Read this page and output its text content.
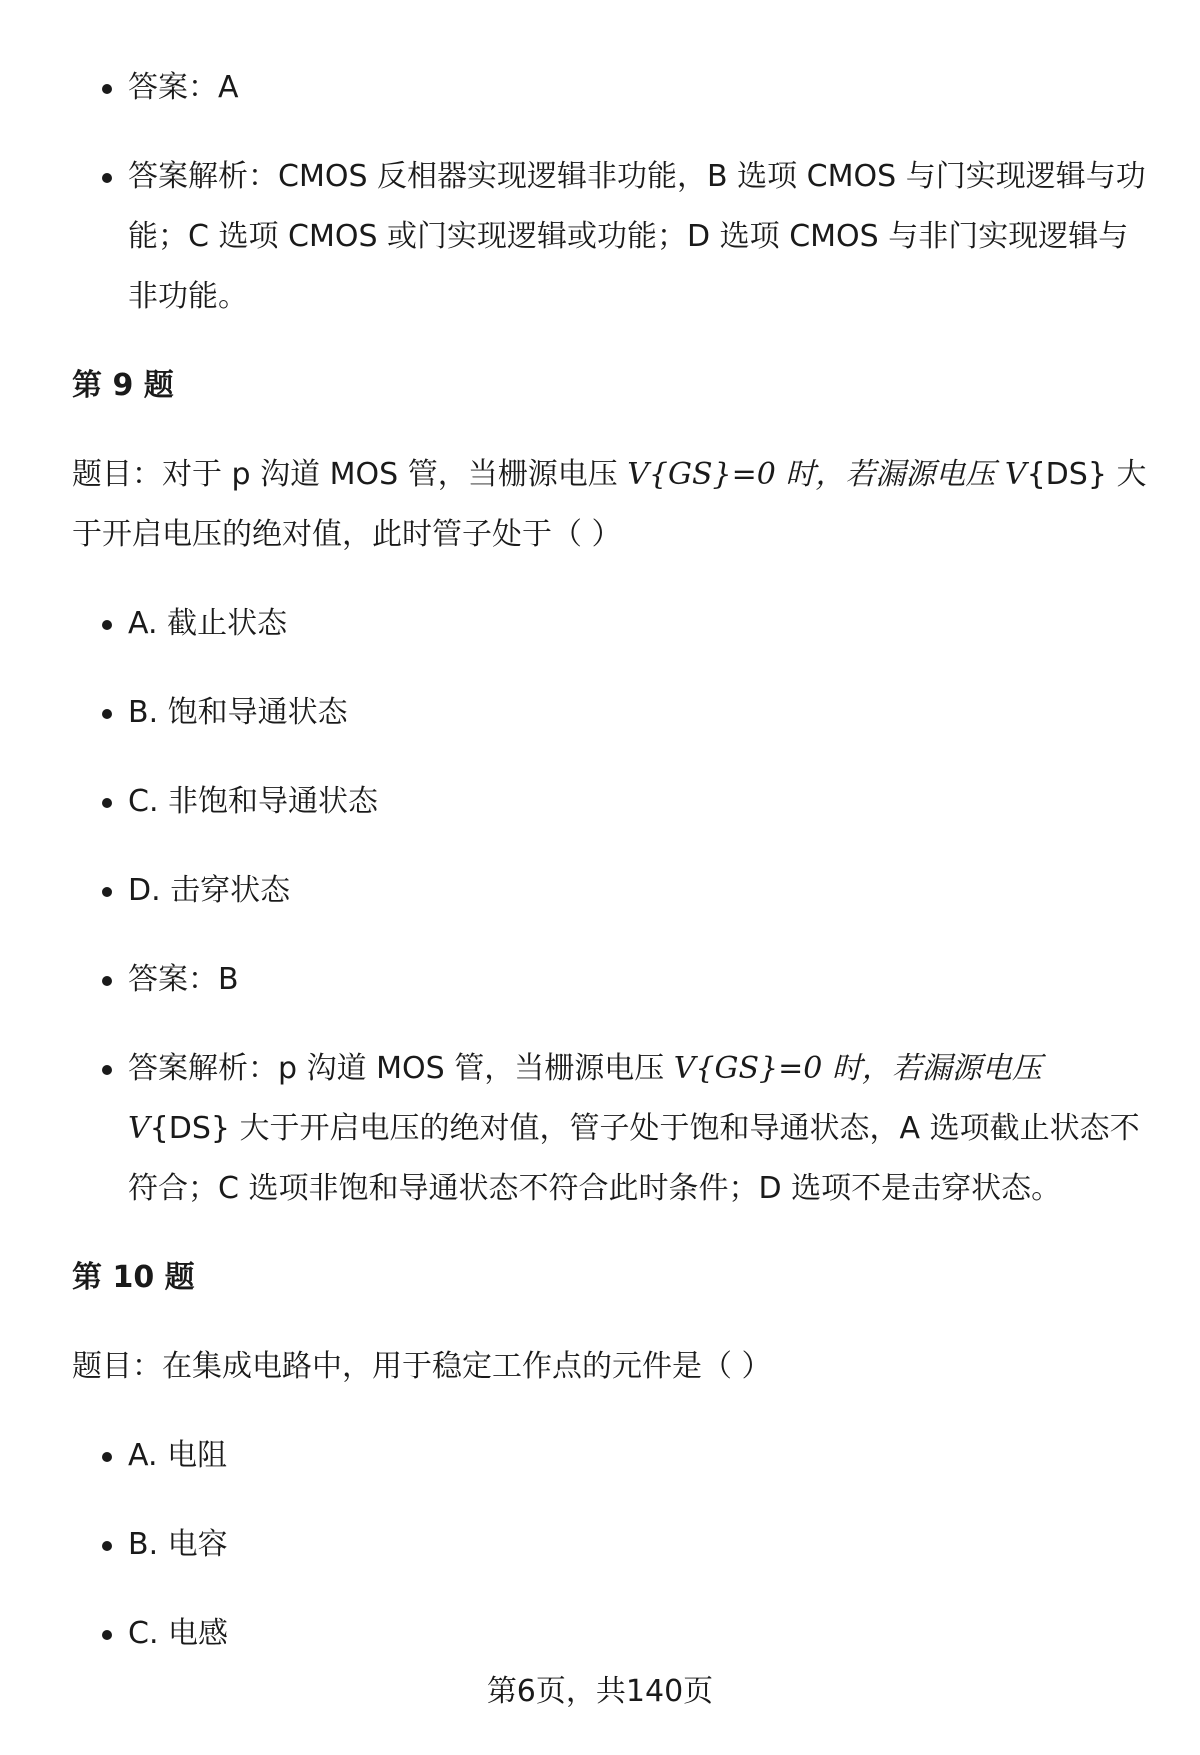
答案：A
答案解析：CMOS 反相器实现逻辑非功能，B 选项 CMOS 与门实现逻辑与功能；C 选项 CMOS 或门实现逻辑或功能；D 选项 CMOS 与非门实现逻辑与非功能。
第 9 题
题目：对于 p 沟道 MOS 管，当栅源电压 V{GS}=0 时，若漏源电压 V{DS} 大于开启电压的绝对值，此时管子处于（ ）
A. 截止状态
B. 饱和导通状态
C. 非饱和导通状态
D. 击穿状态
答案：B
答案解析：p 沟道 MOS 管，当栅源电压 V{GS}=0 时，若漏源电压 V{DS} 大于开启电压的绝对值，管子处于饱和导通状态，A 选项截止状态不符合；C 选项非饱和导通状态不符合此时条件；D 选项不是击穿状态。
第 10 题
题目：在集成电路中，用于稳定工作点的元件是（ ）
A. 电阻
B. 电容
C. 电感
第6页，共140页
